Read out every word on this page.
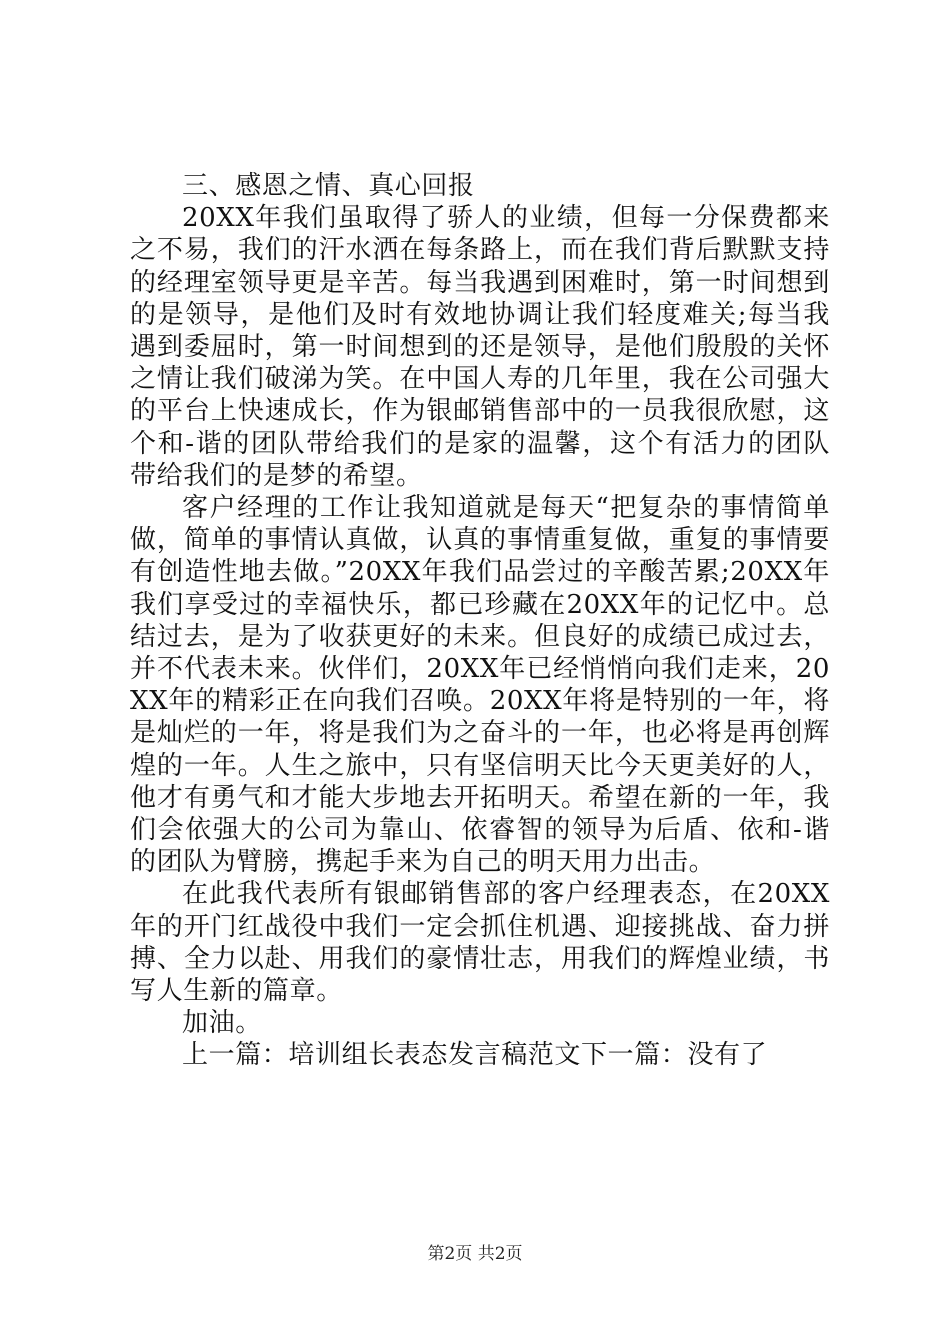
三、感恩之情、真心回报

20XX年我们虽取得了骄人的业绩，但每一分保费都来之不易，我们的汗水洒在每条路上，而在我们背后默默支持的经理室领导更是辛苦。每当我遇到困难时，第一时间想到的是领导，是他们及时有效地协调让我们轻度难关;每当我遇到委屈时，第一时间想到的还是领导，是他们殷殷的关怀之情让我们破涕为笑。在中国人寿的几年里，我在公司强大的平台上快速成长，作为银邮销售部中的一员我很欣慰，这个和-谐的团队带给我们的是家的温馨，这个有活力的团队带给我们的是梦的希望。

客户经理的工作让我知道就是每天“把复杂的事情简单做，简单的事情认真做，认真的事情重复做，重复的事情要有创造性地去做。”20XX年我们品尝过的辛酸苦累;20XX年我们享受过的幸福快乐，都已珍藏在20XX年的记忆中。总结过去，是为了收获更好的未来。但良好的成绩已成过去，并不代表未来。伙伴们，20XX年已经悄悄向我们走来，20XX年的精彩正在向我们召唤。20XX年将是特别的一年，将是灿烂的一年，将是我们为之奋斗的一年，也必将是再创辉煌的一年。人生之旅中，只有坚信明天比今天更美好的人，他才有勇气和才能大步地去开拓明天。希望在新的一年，我们会依强大的公司为靠山、依睿智的领导为后盾、依和-谐的团队为臂膀，携起手来为自己的明天用力出击。

在此我代表所有银邮销售部的客户经理表态，在20XX年的开门红战役中我们一定会抓住机遇、迎接挑战、奋力拼搏、全力以赴、用我们的豪情壮志，用我们的辉煌业绩，书写人生新的篇章。

加油。

上一篇：培训组长表态发言稿范文下一篇：没有了

第2页 共2页
